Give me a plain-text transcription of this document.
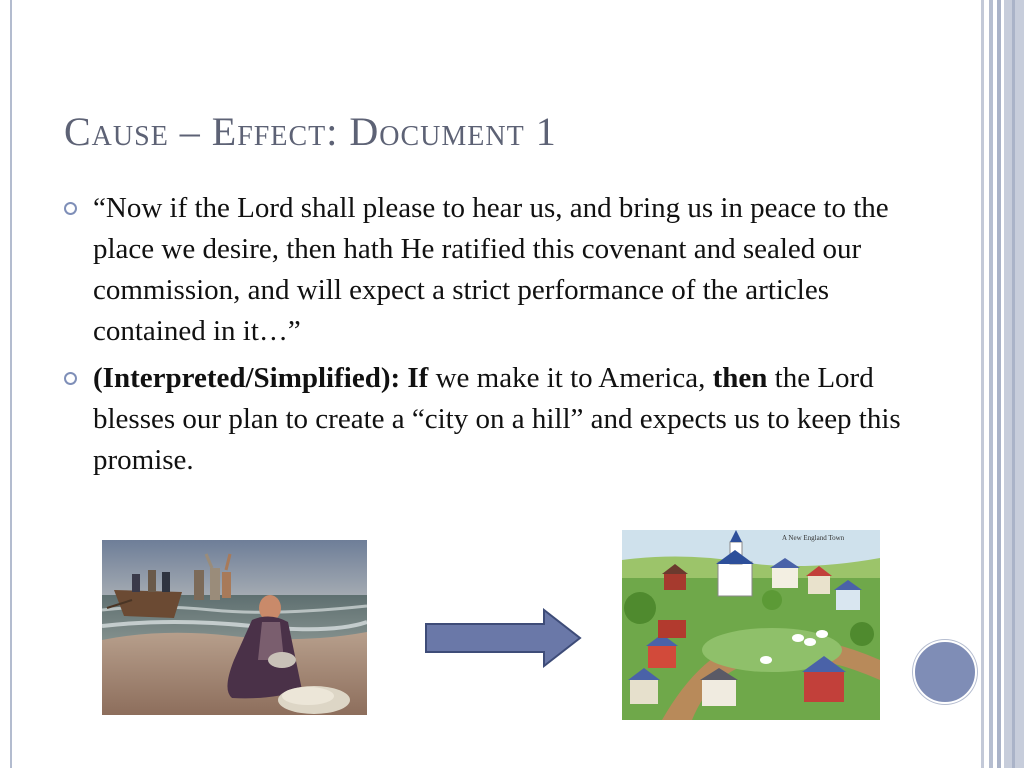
Cause – Effect: Document 1
“Now if the Lord shall please to hear us, and bring us in peace to the place we desire, then hath He ratified this covenant and sealed our commission, and will expect a strict performance of the articles contained in it…”
(Interpreted/Simplified): If we make it to America, then the Lord blesses our plan to create a “city on a hill” and expects us to keep this promise.
A New England Town
